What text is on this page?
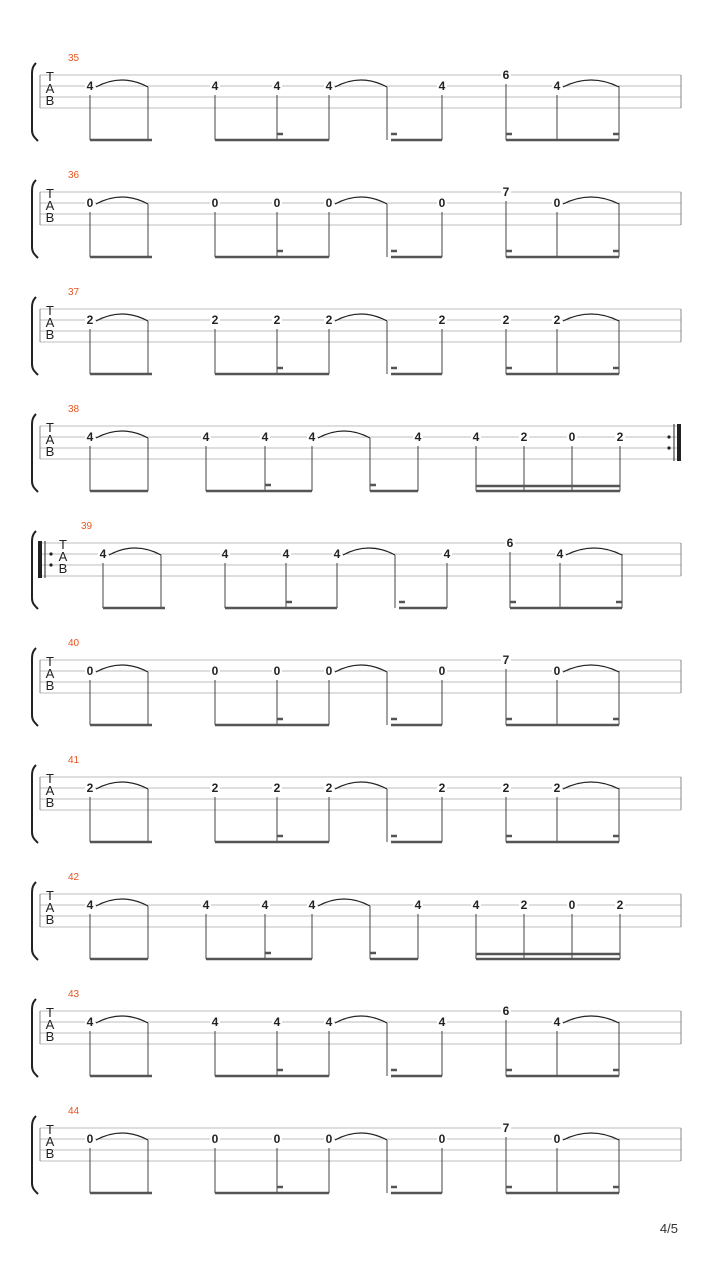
T
A
B
35
4	4	4	4	4
6
4
T
A
B
36
0	0	0	0	0
7
0
T
A
B
37
2	2	2	2	2	2	2
T
A
B
38
4	4	4	4	4	4	2	0	2
T
A
B
39
4	4	4	4	4
6
4
T
A
B
40
0	0	0	0	0
7
0
T
A
B
41
2	2	2	2	2	2	2
T
A
B
42
4	4	4	4	4	4	2	0	2
T
A
B
43
4	4	4	4	4
6
4
T
A
B
44
0	0	0	0	0
7
0
4/5
